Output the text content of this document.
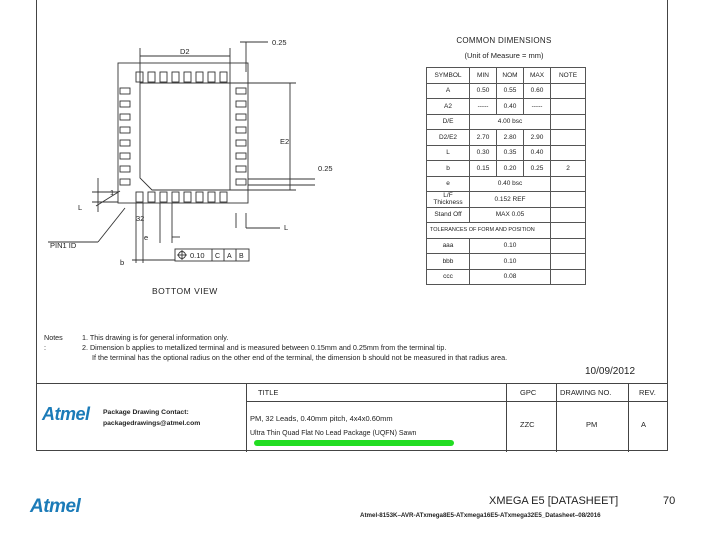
D2
0.25
E2
0.25
1
32
L
L
e
b
PIN1 ID
0.10 C A B
BOTTOM VIEW
COMMON DIMENSIONS
(Unit of Measure = mm)
SYMBOL	MIN	NOM	MAX	NOTE
A	0.50	0.55	0.60	
A2	-----	0.40	-----	
D/E	4.00 bsc			
D2/E2	2.70	2.80	2.90	
L	0.30	0.35	0.40	
b	0.15	0.20	0.25	2
e	0.40 bsc			
L/F Thickness	0.152 REF			
Stand Off	MAX 0.05			
TOLERANCES OF FORM AND POSITION				
aaa	0.10			
bbb	0.10			
ccc	0.08			
Notes :
1. This drawing is for general information only.
2. Dimension b applies to metallized terminal and is measured between 0.15mm and 0.25mm from the terminal tip.
If the terminal has the optional radius on the other end of the terminal, the dimension b should not be measured in that radius area.
10/09/2012
Atmel Package Drawing Contact:
packagedrawings@atmel.com
TITLE	GPC	DRAWING NO.	REV.
PM, 32 Leads, 0.40mm pitch, 4x4x0.60mm
Ultra Thin Quad Flat No Lead Package (UQFN) Sawn
ZZC	PM	A
Atmel	XMEGA E5 [DATASHEET]	70
Atmel-8153K–AVR-ATxmega8E5-ATxmega16E5-ATxmega32E5_Datasheet–08/2016
